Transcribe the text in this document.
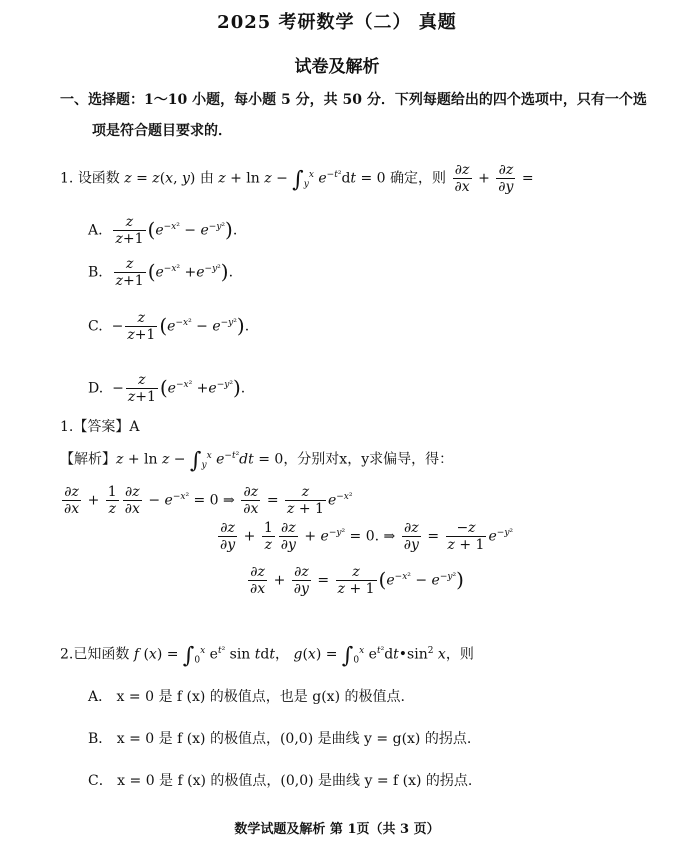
2025 考研数学（二） 真题
试卷及解析
一、选择题：1～10 小题，每小题 5 分，共 50 分．下列每题给出的四个选项中，只有一个选
项是符合题目要求的．
1. 设函数 z = z(x, y) 由 $z + \ln z - \int_y^x$ $e^{-t^2}dt = 0$ 确定，则 $\frac{\partial z}{\partial x} + \frac{\partial z}{\partial y}$ =
A. $\frac{z}{z+1} (e^{-x^2} - e^{-y^2})$.
B. $\frac{z}{z+1} (e^{-x^2} +e^{-y^2})$.
C.  − $\frac{z}{z+1} (e^{-x^2} - e^{-y^2})$.
D.  − $\frac{z}{z+1} (e^{-x^2} +e^{-y^2})$.
1.【答案】A
【解析】$z + \ln z - \int_y^x$ $e^{-t^2}dt = 0$，分别对x，y求偏导，得：
$\frac{\partial z}{\partial x} + \frac{1}{z} \frac{\partial z}{\partial x} - e^{-x^2} = 0$ ⇒ $\frac{\partial z}{\partial x} = \frac{z}{z + 1} e^{-x^2}$
$\frac{\partial z}{\partial y} + \frac{1}{z} \frac{\partial z}{\partial y} + e^{-y^2} = 0$. ⇒ $\frac{\partial z}{\partial y} = \frac{-z}{z + 1} e^{-y^2}$
$\frac{\partial z}{\partial x} + \frac{\partial z}{\partial y} = \frac{z}{z + 1} (e^{-x^2} - e^{-y^2})$
2.已知函数 f $(x) = \int_0^x$ $e^{t^2}$ sin tdt， $g(x) = \int_0^x$ $e^{t^2}dt•\sin^2$ x，则
A． x = 0 是 f (x) 的极值点，也是 g(x) 的极值点.
B． x = 0 是 f (x) 的极值点，(0,0) 是曲线 y = g(x) 的拐点.
C． x = 0 是 f (x) 的极值点，(0,0) 是曲线 y = f (x) 的拐点.
数学试题及解析 第 1页（共 3 页）
